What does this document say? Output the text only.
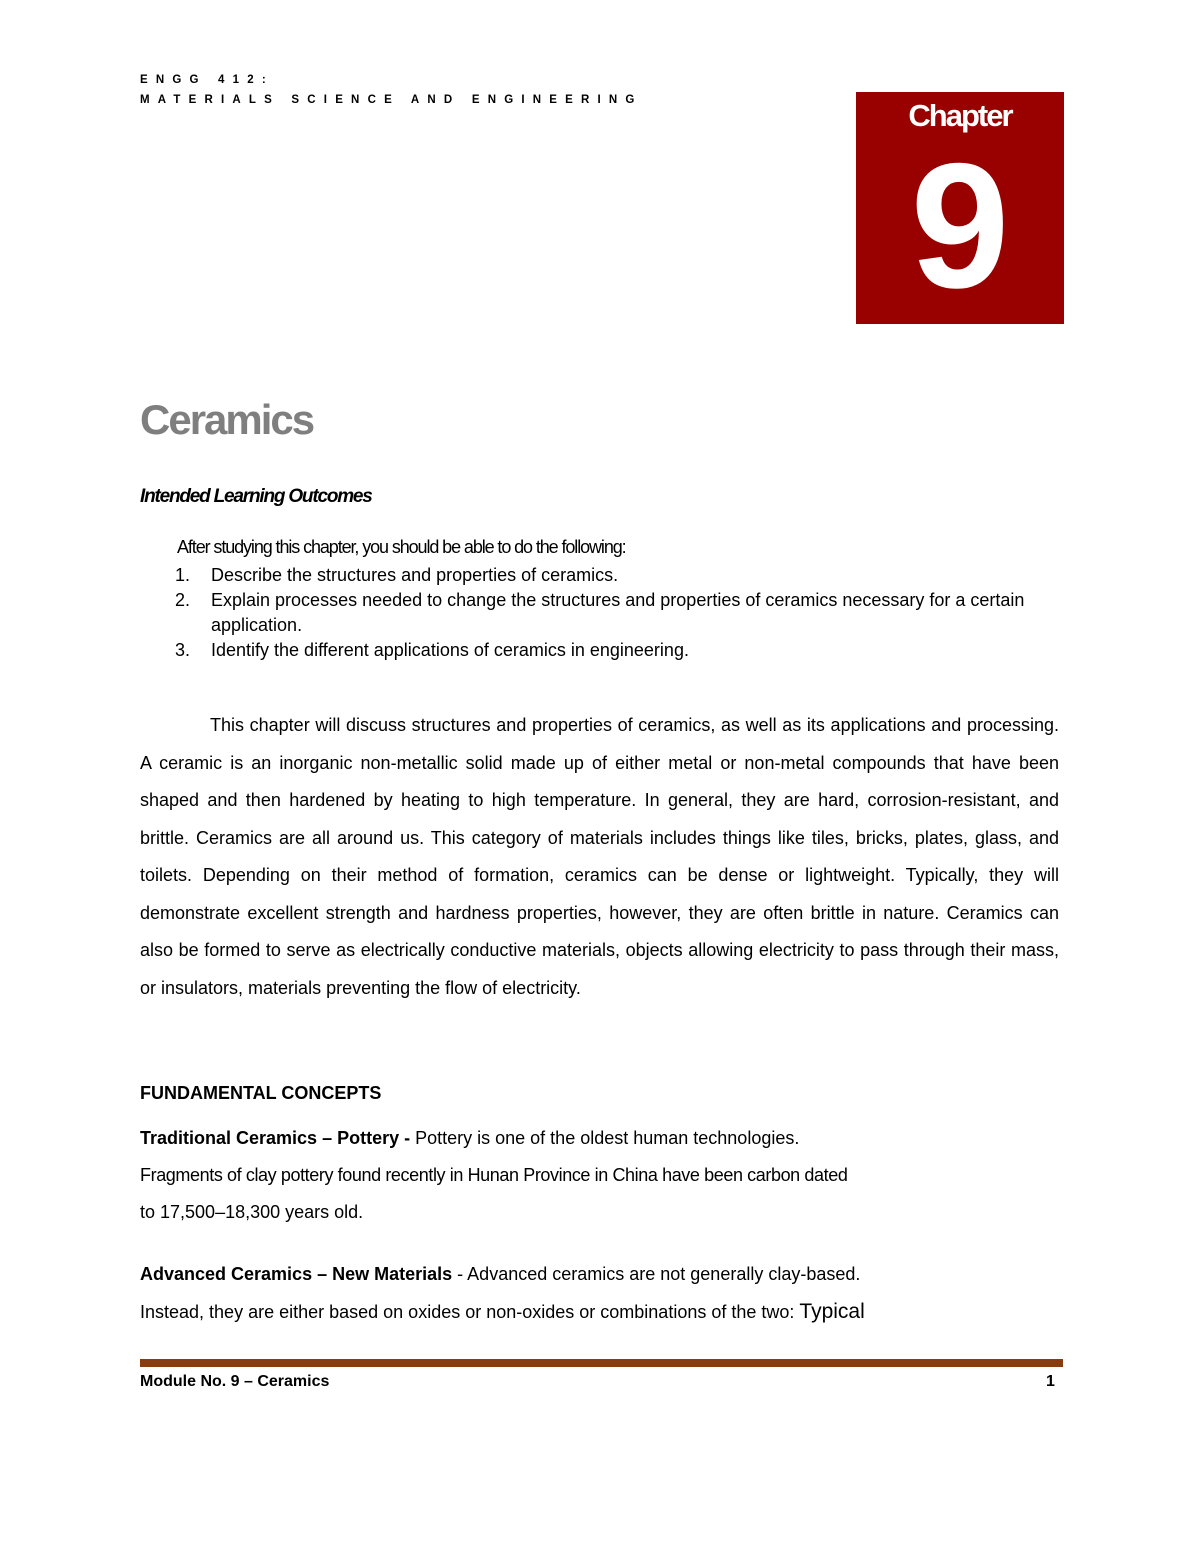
ENGG 412:
MATERIALS SCIENCE AND ENGINEERING	Chapter
9
Ceramics
Intended Learning Outcomes
After studying this chapter, you should be able to do the following:
1. Describe the structures and properties of ceramics.
2. Explain processes needed to change the structures and properties of ceramics necessary for a certain application.
3. Identify the different applications of ceramics in engineering.

This chapter will discuss structures and properties of ceramics, as well as its applications and processing. A ceramic is an inorganic non-metallic solid made up of either metal or non-metal compounds that have been shaped and then hardened by heating to high temperature. In general, they are hard, corrosion-resistant, and brittle. Ceramics are all around us. This category of materials includes things like tiles, bricks, plates, glass, and toilets. Depending on their method of formation, ceramics can be dense or lightweight. Typically, they will demonstrate excellent strength and hardness properties, however, they are often brittle in nature. Ceramics can also be formed to serve as electrically conductive materials, objects allowing electricity to pass through their mass, or insulators, materials preventing the flow of electricity.

FUNDAMENTAL CONCEPTS

Traditional Ceramics – Pottery - Pottery is one of the oldest human technologies.
Fragments of clay pottery found recently in Hunan Province in China have been carbon dated
to 17,500–18,300 years old.

Advanced Ceramics – New Materials - Advanced ceramics are not generally clay-based.
Instead, they are either based on oxides or non-oxides or combinations of the two: Typical

Module No. 9 – Ceramics	1
